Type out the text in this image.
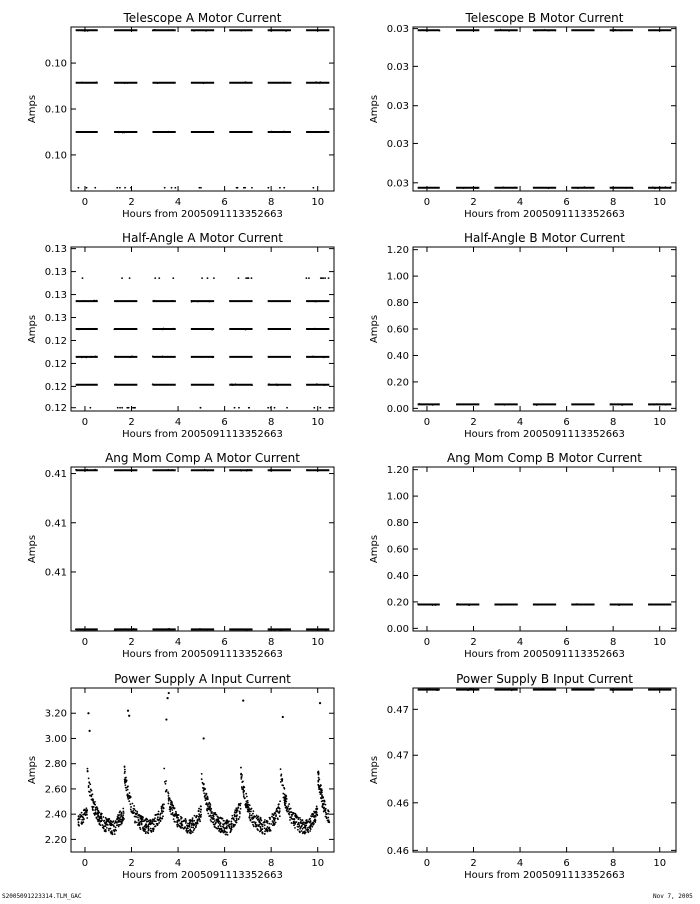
Telescope A Motor Current
0	2	4	6	8	10
0.10
0.10
0.10
Hours from 2005091113352663
Amps
Telescope B Motor Current
0	2	4	6	8	10
0.03
0.03
0.03
0.03
0.03
Hours from 2005091113352663
Amps
Half-Angle A Motor Current
0	2	4	6	8	10
0.12
0.12
0.12
0.12
0.13
0.13
0.13
0.13
Hours from 2005091113352663
Amps
Half-Angle B Motor Current
0	2	4	6	8	10
0.00
0.20
0.40
0.60
0.80
1.00
1.20
Hours from 2005091113352663
Amps
Ang Mom Comp A Motor Current
0	2	4	6	8	10
0.41
0.41
0.41
Hours from 2005091113352663
Amps
Ang Mom Comp B Motor Current
0	2	4	6	8	10
0.00
0.20
0.40
0.60
0.80
1.00
1.20
Hours from 2005091113352663
Amps
Power Supply A Input Current
0	2	4	6	8	10
2.20
2.40
2.60
2.80
3.00
3.20
Hours from 2005091113352663
Amps
Power Supply B Input Current
0	2	4	6	8	10
0.46
0.46
0.47
0.47
Hours from 2005091113352663
Amps
S2005091223314.TLM_GAC	Nov 7, 2005
